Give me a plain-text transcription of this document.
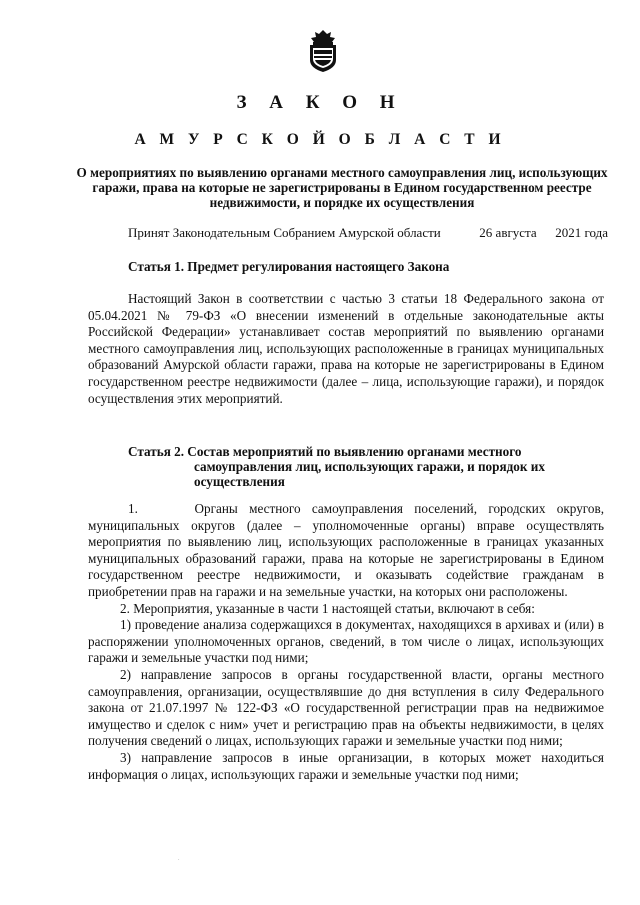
З А К О Н
А М У Р С К О Й О Б Л А С Т И
О мероприятиях по выявлению органами местного самоуправления лиц, использующих гаражи, права на которые не зарегистрированы в Едином государственном реестре недвижимости, и порядке их осуществления
Принят Законодательным Собранием Амурской области	26 августа 2021 года
Статья 1. Предмет регулирования настоящего Закона

Настоящий Закон в соответствии с частью 3 статьи 18 Федерального закона от 05.04.2021 № 79-ФЗ «О внесении изменений в отдельные законодательные акты Российской Федерации» устанавливает состав мероприятий по выявлению органами местного самоуправления лиц, использующих расположенные в границах муниципальных образований Амурской области гаражи, права на которые не зарегистрированы в Едином государственном реестре недвижимости (далее – лица, использующие гаражи), и порядок осуществления этих мероприятий.

Статья 2. Состав мероприятий по выявлению органами местного
самоуправления лиц, использующих гаражи, и порядок их осуществления

1.     Органы местного самоуправления поселений, городских округов, муниципальных округов (далее – уполномоченные органы) вправе осуществлять мероприятия по выявлению лиц, использующих расположенные в границах указанных муниципальных образований гаражи, права на которые не зарегистрированы в Едином государственном реестре недвижимости, и оказывать содействие гражданам в приобретении прав на гаражи и на земельные участки, на которых они расположены.

2. Мероприятия, указанные в части 1 настоящей статьи, включают в себя:

1) проведение анализа содержащихся в документах, находящихся в архивах и (или) в распоряжении уполномоченных органов, сведений, в том числе о лицах, использующих гаражи и земельные участки под ними;

2) направление запросов в органы государственной власти, органы местного самоуправления, организации, осуществлявшие до дня вступления в силу Федерального закона от 21.07.1997 № 122-ФЗ «О государственной регистрации прав на недвижимое имущество и сделок с ним» учет и регистрацию прав на объекты недвижимости, в целях получения сведений о лицах, использующих гаражи и земельные участки под ними;

3) направление запросов в иные организации, в которых может находиться информация о лицах, использующих гаражи и земельные участки под ними;

.
